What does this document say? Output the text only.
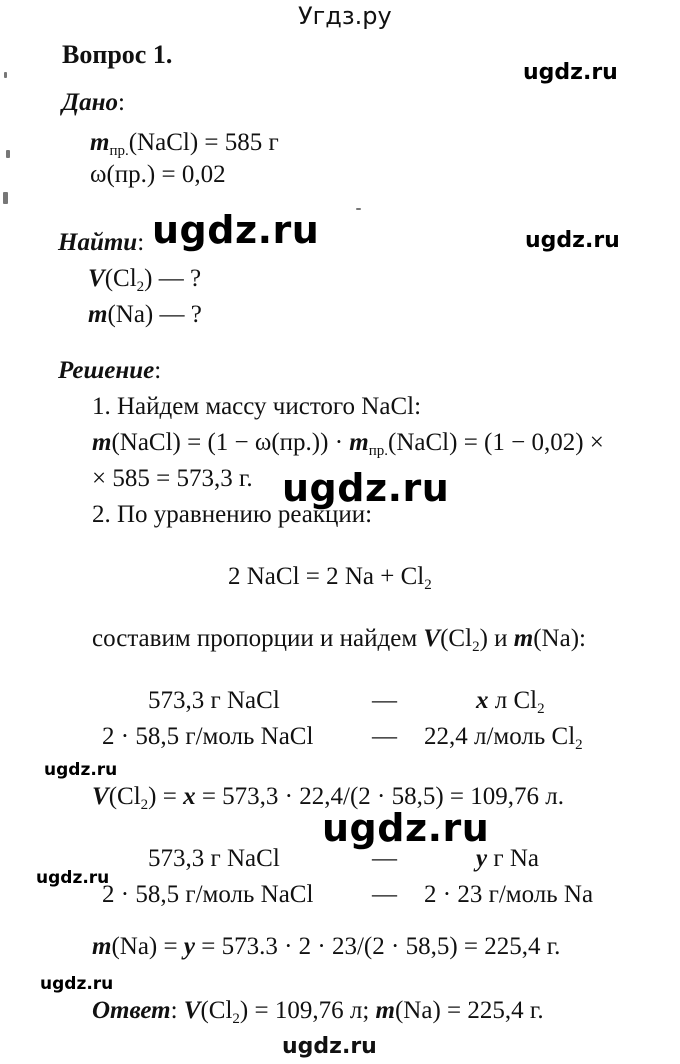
Угдз.ру
Вопрос 1.
ugdz.ru
Дано:
$m_{пр.}(NaCl) = 585$ г
ω(пр.) = 0,02
Найти: ugdz.ru	ugdz.ru
$V(Cl_2)$ — ?
m(Na) — ?
Решение:
1. Найдем массу чистого NaCl:
m(NaCl) = $(1 - \omega(пр.)) \cdot m_{пр.}(NaCl) = (1 - 0,02)$ ×
× 585 = 573,3 г. ugdz.ru
2. По уравнению реакции:
2 NaCl = 2 $Na + Cl_2$
составим пропорции и найдем $V(Cl_2)$ и m(Na):
573,3 г NaCl	—	x л $Cl_2$
2 · 58,5 г/моль NaCl — 22,4 л/моль $Cl_2$
ugdz.ru
$V(Cl_2) = x = 573,3 \cdot 22,4/(2 \cdot 58,5) = 109,76$ л.
ugdz.ru
573,3 г NaCl	—	y г Na
ugdz.ru
2 · 58,5 г/моль NaCl — 2 · 23 г/моль Na
m(Na) = y = 573.3 · 2 · 23/(2 · 58,5) = 225,4 г.
ugdz.ru
Ответ: $V(Cl_2) = 109,76$ л; m(Na) = 225,4 г.
ugdz.ru
